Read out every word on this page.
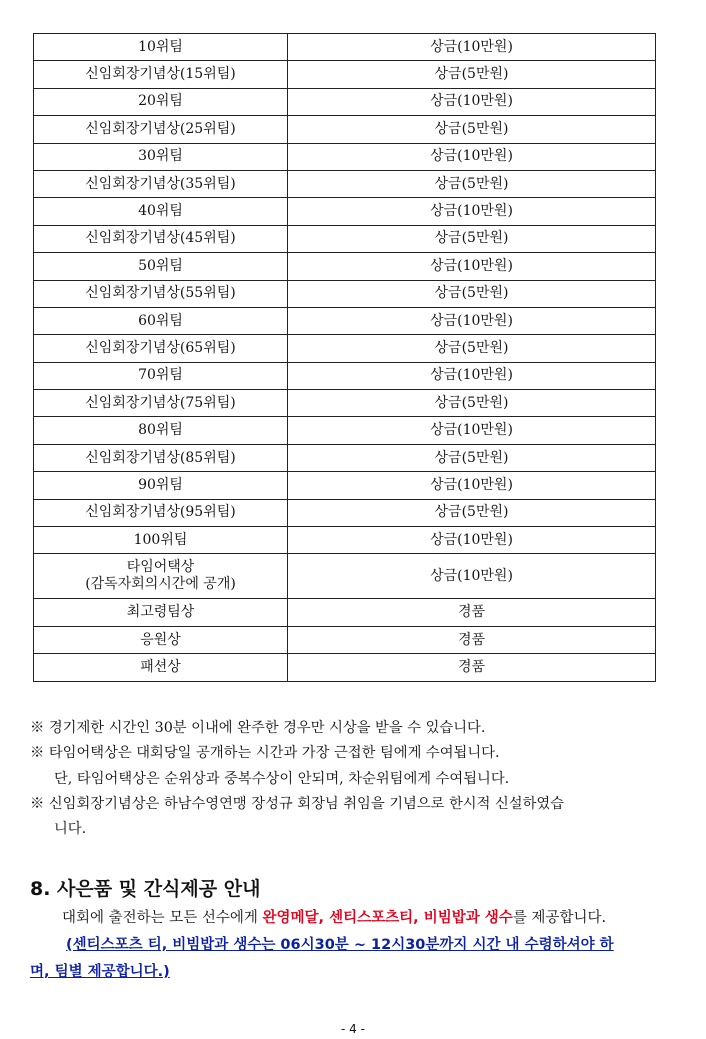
10위팀	상금(10만원)
신임회장기념상(15위팀)	상금(5만원)
20위팀	상금(10만원)
신임회장기념상(25위팀)	상금(5만원)
30위팀	상금(10만원)
신임회장기념상(35위팀)	상금(5만원)
40위팀	상금(10만원)
신임회장기념상(45위팀)	상금(5만원)
50위팀	상금(10만원)
신임회장기념상(55위팀)	상금(5만원)
60위팀	상금(10만원)
신임회장기념상(65위팀)	상금(5만원)
70위팀	상금(10만원)
신임회장기념상(75위팀)	상금(5만원)
80위팀	상금(10만원)
신임회장기념상(85위팀)	상금(5만원)
90위팀	상금(10만원)
신임회장기념상(95위팀)	상금(5만원)
100위팀	상금(10만원)

타임어택상
(감독자회의시간에 공개)	상금(10만원)
최고령팀상	경품
응원상	경품
패션상	경품
※ 경기제한 시간인 30분 이내에 완주한 경우만 시상을 받을 수 있습니다.
※ 타임어택상은 대회당일 공개하는 시간과 가장 근접한 팀에게 수여됩니다.
단, 타임어택상은 순위상과 중복수상이 안되며, 차순위팀에게 수여됩니다.
※ 신임회장기념상은 하남수영연맹 장성규 회장님 취임을 기념으로 한시적 신설하였습
니다.
8. 사은품 및 간식제공 안내
대회에 출전하는 모든 선수에게 완영메달, 센티스포츠티, 비빔밥과 생수를 제공합니다.
(센티스포츠 티, 비빔밥과 생수는 06시30분 ~ 12시30분까지 시간 내 수령하셔야 하
며, 팀별 제공합니다.)
- 4 -
